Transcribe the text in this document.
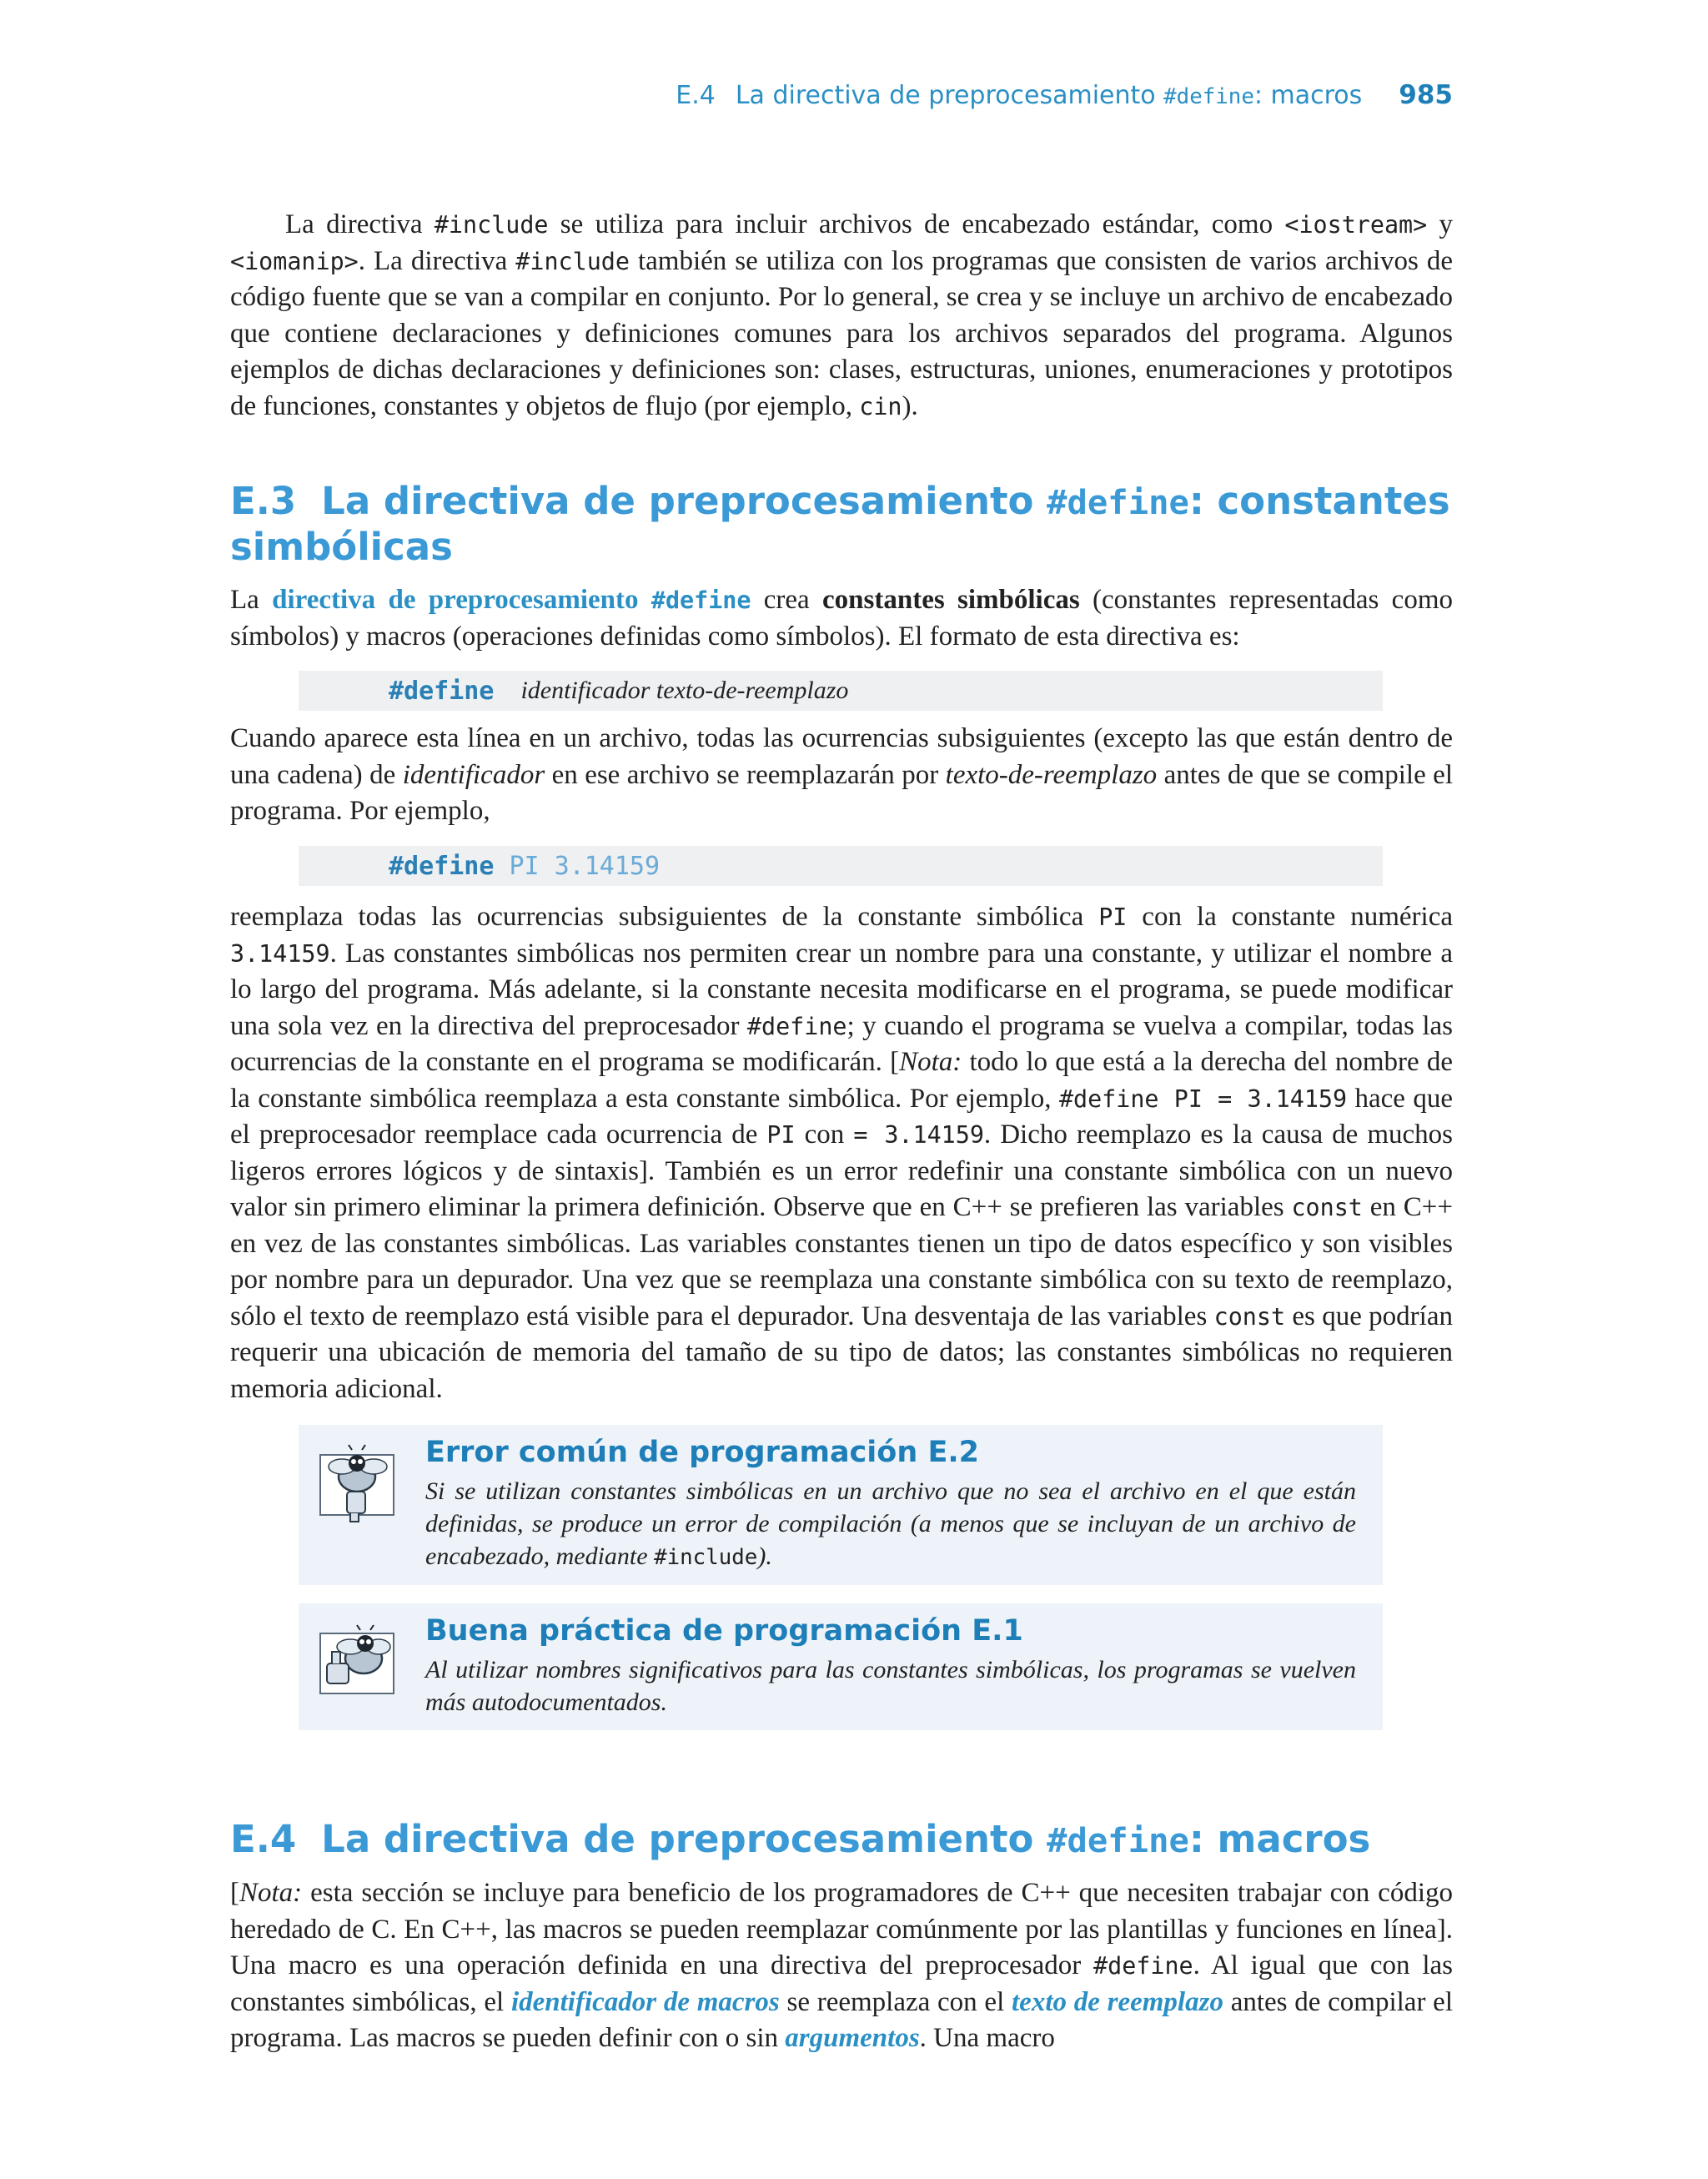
E.4 La directiva de preprocesamiento #define: macros 985

La directiva #include se utiliza para incluir archivos de encabezado estándar, como <iostream> y <iomanip>. La directiva #include también se utiliza con los programas que consisten de varios archivos de código fuente que se van a compilar en conjunto. Por lo general, se crea y se incluye un archivo de encabezado que contiene declaraciones y definiciones comunes para los archivos separados del programa. Algunos ejemplos de dichas declaraciones y definiciones son: clases, estructuras, uniones, enumeraciones y prototipos de funciones, constantes y objetos de flujo (por ejemplo, cin).

E.3 La directiva de preprocesamiento #define: constantes simbólicas

La directiva de preprocesamiento #define crea constantes simbólicas (constantes representadas como símbolos) y macros (operaciones definidas como símbolos). El formato de esta directiva es:

#define identificador texto-de-reemplazo

Cuando aparece esta línea en un archivo, todas las ocurrencias subsiguientes (excepto las que están dentro de una cadena) de identificador en ese archivo se reemplazarán por texto-de-reemplazo antes de que se compile el programa. Por ejemplo,

#define PI 3.14159

reemplaza todas las ocurrencias subsiguientes de la constante simbólica PI con la constante numérica 3.14159. Las constantes simbólicas nos permiten crear un nombre para una constante, y utilizar el nombre a lo largo del programa. Más adelante, si la constante necesita modificarse en el programa, se puede modificar una sola vez en la directiva del preprocesador #define; y cuando el programa se vuelva a compilar, todas las ocurrencias de la constante en el programa se modificarán. [Nota: todo lo que está a la derecha del nombre de la constante simbólica reemplaza a esta constante simbólica. Por ejemplo, #define PI = 3.14159 hace que el preprocesador reemplace cada ocurrencia de PI con = 3.14159. Dicho reemplazo es la causa de muchos ligeros errores lógicos y de sintaxis]. También es un error redefinir una constante simbólica con un nuevo valor sin primero eliminar la primera definición. Observe que en C++ se prefieren las variables const en C++ en vez de las constantes simbólicas. Las variables constantes tienen un tipo de datos específico y son visibles por nombre para un depurador. Una vez que se reemplaza una constante simbólica con su texto de reemplazo, sólo el texto de reemplazo está visible para el depurador. Una desventaja de las variables const es que podrían requerir una ubicación de memoria del tamaño de su tipo de datos; las constantes simbólicas no requieren memoria adicional.

Error común de programación E.2
Si se utilizan constantes simbólicas en un archivo que no sea el archivo en el que están definidas, se produce un error de compilación (a menos que se incluyan de un archivo de encabezado, mediante #include).
Buena práctica de programación E.1
Al utilizar nombres significativos para las constantes simbólicas, los programas se vuelven más autodocumentados.
E.4 La directiva de preprocesamiento #define: macros

[Nota: esta sección se incluye para beneficio de los programadores de C++ que necesiten trabajar con código heredado de C. En C++, las macros se pueden reemplazar comúnmente por las plantillas y funciones en línea]. Una macro es una operación definida en una directiva del preprocesador #define. Al igual que con las constantes simbólicas, el identificador de macros se reemplaza con el texto de reemplazo antes de compilar el programa. Las macros se pueden definir con o sin argumentos. Una macro
